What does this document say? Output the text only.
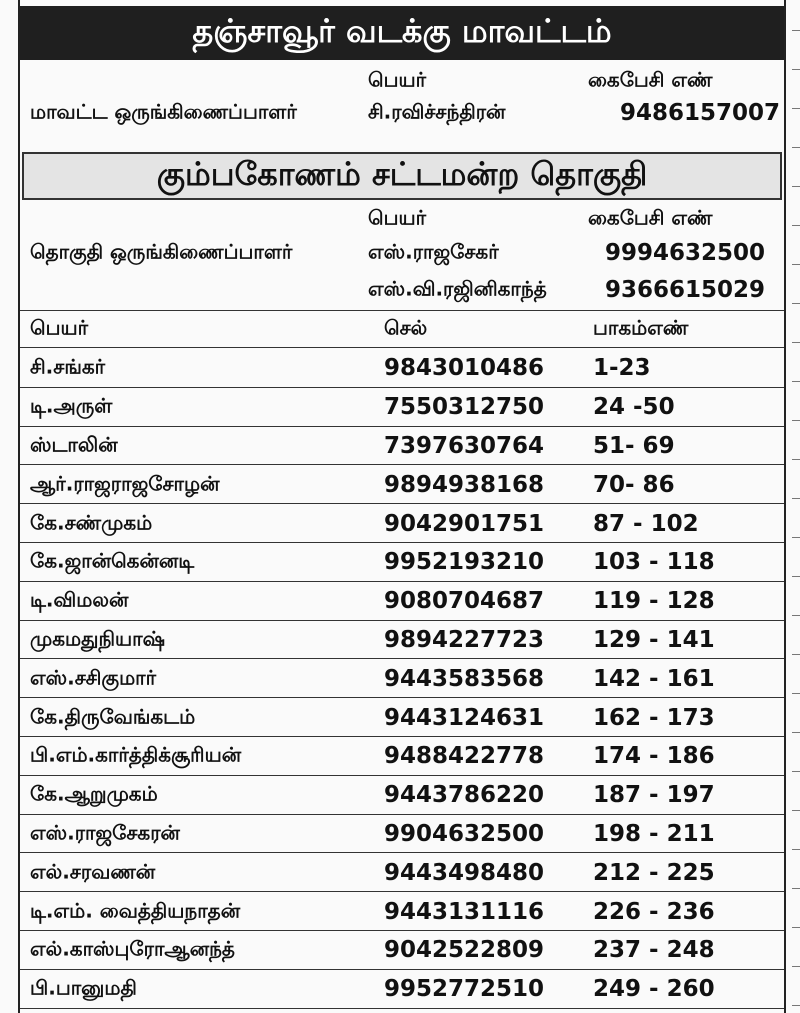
தஞ்சாவூர் வடக்கு மாவட்டம்
பெயர்	கைபேசி எண்
மாவட்ட ஒருங்கிணைப்பாளர்	சி.ரவிச்சந்திரன்	9486157007
கும்பகோணம் சட்டமன்ற தொகுதி
பெயர்	கைபேசி எண்
தொகுதி ஒருங்கிணைப்பாளர்	எஸ்.ராஜசேகர்	9994632500
எஸ்.வி.ரஜினிகாந்த்	9366615029
பெயர்	செல்	பாகம்எண்
சி.சங்கர்	9843010486 1-23
டி.அருள்	7550312750 24 -50
ஸ்டாலின்	7397630764 51- 69
ஆர்.ராஜராஜசோழன்	9894938168 70- 86
கே.சண்முகம்	9042901751 87 - 102
கே.ஜான்கென்னடி	9952193210 103 - 118
டி.விமலன்	9080704687 119 - 128
முகமதுநியாஷ்	9894227723 129 - 141
எஸ்.சசிகுமார்	9443583568 142 - 161
கே.திருவேங்கடம்	9443124631 162 - 173
பி.எம்.கார்த்திக்சூரியன்	9488422778 174 - 186
கே.ஆறுமுகம்	9443786220 187 - 197
எஸ்.ராஜசேகரன்	9904632500 198 - 211
எல்.சரவணன்	9443498480 212 - 225
டி.எம். வைத்தியநாதன்	9443131116 226 - 236
எல்.காஸ்புரோஆனந்த்	9042522809 237 - 248
பி.பானுமதி	9952772510 249 - 260
